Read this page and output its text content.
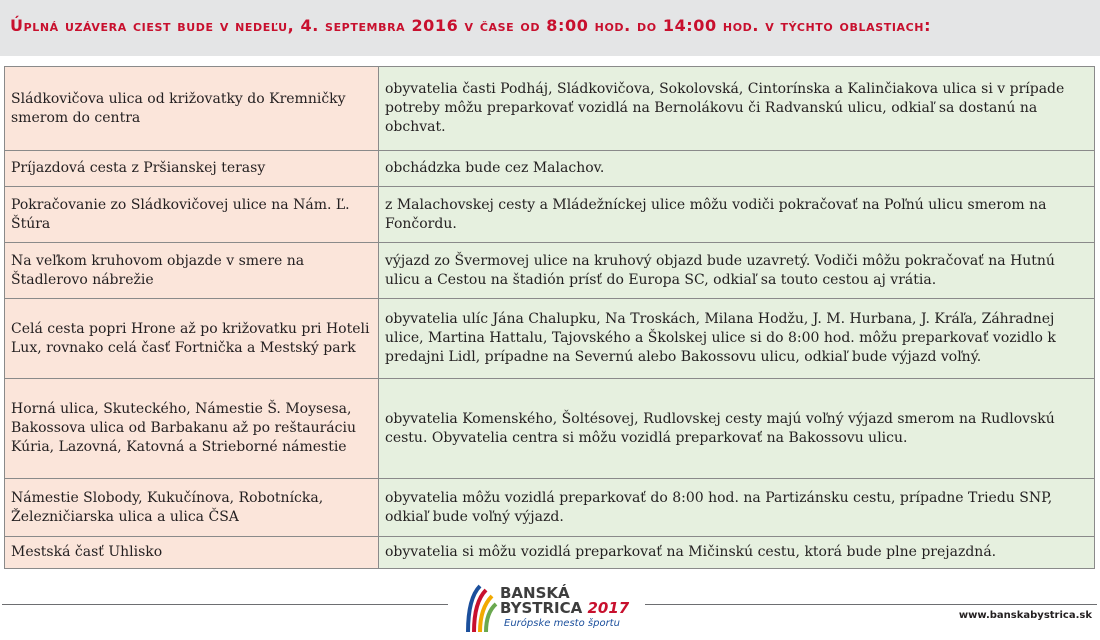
Úplná uzávera ciest bude v nedeľu, 4. septembra 2016 v čase od 8:00 hod. do 14:00 hod. v týchto oblastiach:
Sládkovičova ulica od križovatky do Kremničky smerom do centra	obyvatelia časti Podháj, Sládkovičova, Sokolovská, Cintorínska a Kalinčiakova ulica si v prípade potreby môžu preparkovať vozidlá na Bernolákovu či Radvanskú ulicu, odkiaľ sa dostanú na obchvat.
Príjazdová cesta z Pršianskej terasy	obchádzka bude cez Malachov.
Pokračovanie zo Sládkovičovej ulice na Nám. Ľ. Štúra	z Malachovskej cesty a Mládežníckej ulice môžu vodiči pokračovať na Poľnú ulicu smerom na Fončordu.
Na veľkom kruhovom objazde v smere na Štadlerovo nábrežie	výjazd zo Švermovej ulice na kruhový objazd bude uzavretý. Vodiči môžu pokračovať na Hutnú ulicu a Cestou na štadión prísť do Europa SC, odkiaľ sa touto cestou aj vrátia.
Celá cesta popri Hrone až po križovatku pri Hoteli Lux, rovnako celá časť Fortnička a Mestský park	obyvatelia ulíc Jána Chalupku, Na Troskách, Milana Hodžu, J. M. Hurbana, J. Kráľa, Záhradnej ulice, Martina Hattalu, Tajovského a Školskej ulice si do 8:00 hod. môžu preparkovať vozidlo k predajni Lidl, prípadne na Severnú alebo Bakossovu ulicu, odkiaľ bude výjazd voľný.
Horná ulica, Skuteckého, Námestie Š. Moysesa, Bakossova ulica od Barbakanu až po reštauráciu Kúria, Lazovná, Katovná a Strieborné námestie	obyvatelia Komenského, Šoltésovej, Rudlovskej cesty majú voľný výjazd smerom na Rudlovskú cestu. Obyvatelia centra si môžu vozidlá preparkovať na Bakossovu ulicu.
Námestie Slobody, Kukučínova, Robotnícka, Železničiarska ulica a ulica ČSA	obyvatelia môžu vozidlá preparkovať do 8:00 hod. na Partizánsku cestu, prípadne Triedu SNP, odkiaľ bude voľný výjazd.
Mestská časť Uhlisko	obyvatelia si môžu vozidlá preparkovať na Mičinskú cestu, ktorá bude plne prejazdná.
BANSKÁ
BYSTRICA 2017
Európske mesto športu
www.banskabystrica.sk
